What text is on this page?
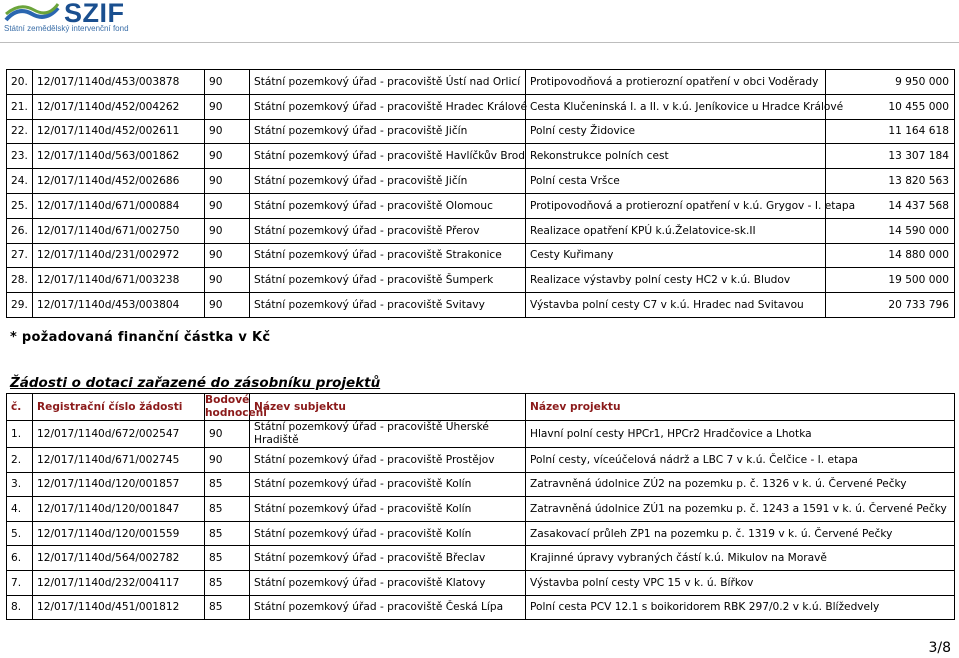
SZIF
Státní zemědělský intervenční fond
20.	12/017/1140d/453/003878	90	Státní pozemkový úřad - pracoviště Ústí nad Orlicí	Protipovodňová a protierozní opatření v obci Voděrady	9 950 000
21.	12/017/1140d/452/004262	90	Státní pozemkový úřad - pracoviště Hradec Králové	Cesta Klučeninská I. a II. v k.ú. Jeníkovice u Hradce Králové	10 455 000
22.	12/017/1140d/452/002611	90	Státní pozemkový úřad - pracoviště Jičín	Polní cesty Židovice	11 164 618
23.	12/017/1140d/563/001862	90	Státní pozemkový úřad - pracoviště Havlíčkův Brod	Rekonstrukce polních cest	13 307 184
24.	12/017/1140d/452/002686	90	Státní pozemkový úřad - pracoviště Jičín	Polní cesta Vršce	13 820 563
25.	12/017/1140d/671/000884	90	Státní pozemkový úřad - pracoviště Olomouc	Protipovodňová a protierozní opatření v k.ú. Grygov - I. etapa	14 437 568
26.	12/017/1140d/671/002750	90	Státní pozemkový úřad - pracoviště Přerov	Realizace opatření KPÚ k.ú.Želatovice-sk.II	14 590 000
27.	12/017/1140d/231/002972	90	Státní pozemkový úřad - pracoviště Strakonice	Cesty Kuřimany	14 880 000
28.	12/017/1140d/671/003238	90	Státní pozemkový úřad - pracoviště Šumperk	Realizace výstavby polní cesty HC2 v k.ú. Bludov	19 500 000
29.	12/017/1140d/453/003804	90	Státní pozemkový úřad - pracoviště Svitavy	Výstavba polní cesty C7 v k.ú. Hradec nad Svitavou	20 733 796
* požadovaná finanční částka v Kč
Žádosti o dotaci zařazené do zásobníku projektů
č.	Registrační číslo žádosti	Bodové hodnocení	Název subjektu	Název projektu
1.	12/017/1140d/672/002547	90	Státní pozemkový úřad - pracoviště Uherské Hradiště	Hlavní polní cesty HPCr1, HPCr2 Hradčovice a Lhotka
2.	12/017/1140d/671/002745	90	Státní pozemkový úřad - pracoviště Prostějov	Polní cesty, víceúčelová nádrž a LBC 7 v k.ú. Čelčice - I. etapa
3.	12/017/1140d/120/001857	85	Státní pozemkový úřad - pracoviště Kolín	Zatravněná údolnice ZÚ2 na pozemku p. č. 1326 v k. ú. Červené Pečky
4.	12/017/1140d/120/001847	85	Státní pozemkový úřad - pracoviště Kolín	Zatravněná údolnice ZÚ1 na pozemku p. č. 1243 a 1591 v k. ú. Červené Pečky
5.	12/017/1140d/120/001559	85	Státní pozemkový úřad - pracoviště Kolín	Zasakovací průleh ZP1 na pozemku p. č. 1319 v k. ú. Červené Pečky
6.	12/017/1140d/564/002782	85	Státní pozemkový úřad - pracoviště Břeclav	Krajinné úpravy vybraných částí k.ú. Mikulov na Moravě
7.	12/017/1140d/232/004117	85	Státní pozemkový úřad - pracoviště Klatovy	Výstavba polní cesty VPC 15 v k. ú. Bířkov
8.	12/017/1140d/451/001812	85	Státní pozemkový úřad - pracoviště Česká Lípa	Polní cesta PCV 12.1 s boikoridorem RBK 297/0.2 v k.ú. Blížedvely
3/8
